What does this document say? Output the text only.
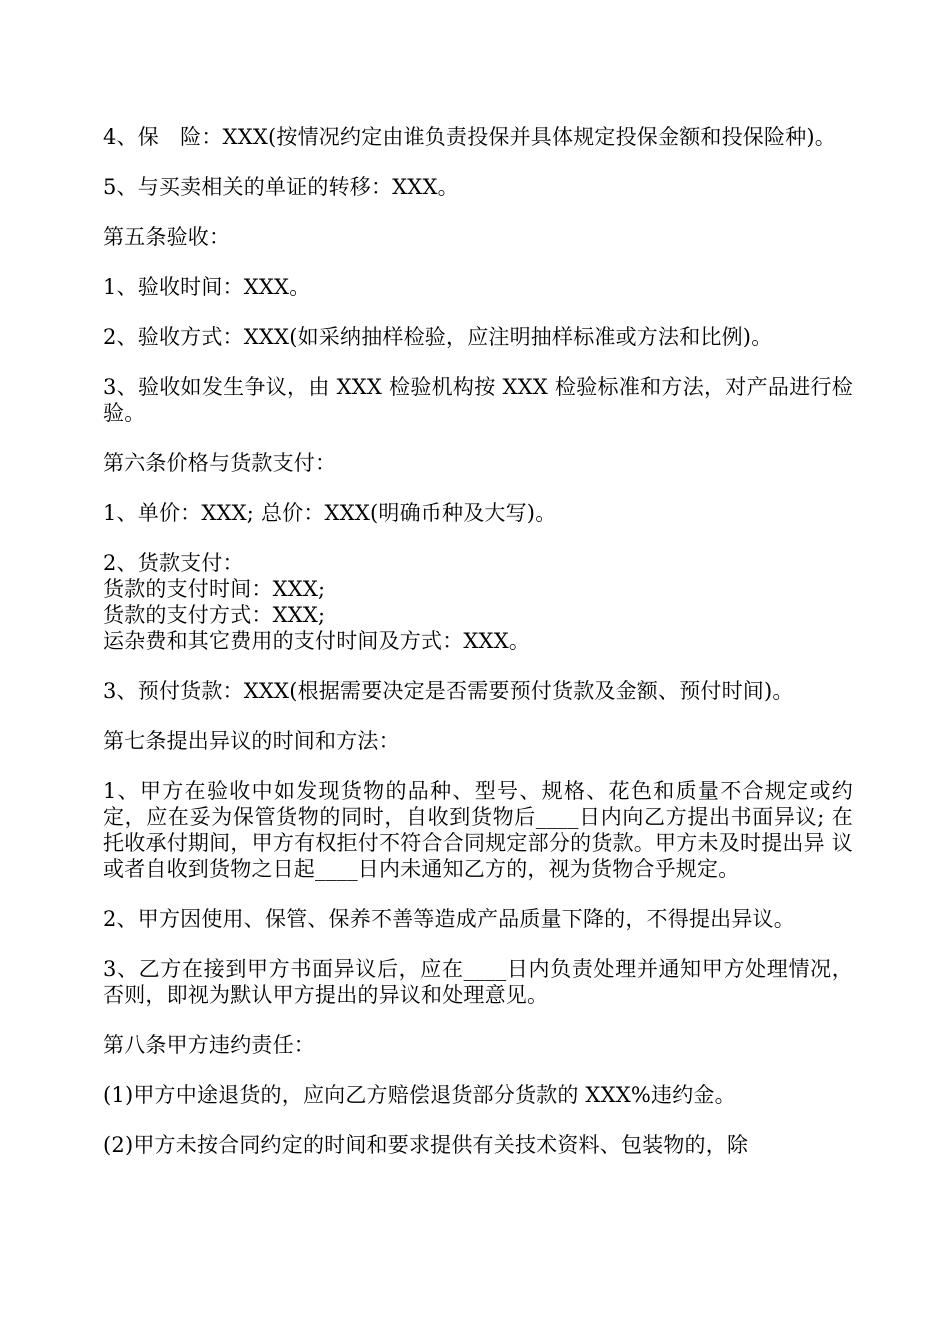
4、保　险：XXX(按情况约定由谁负责投保并具体规定投保金额和投保险种)。

5、与买卖相关的单证的转移：XXX。

第五条验收：

1、验收时间：XXX。

2、验收方式：XXX(如采纳抽样检验，应注明抽样标准或方法和比例)。

3、验收如发生争议，由 XXX 检验机构按 XXX 检验标准和方法，对产品进行检验。

第六条价格与货款支付：

1、单价：XXX; 总价：XXX(明确币种及大写)。

2、货款支付：
货款的支付时间：XXX;
货款的支付方式：XXX;
运杂费和其它费用的支付时间及方式：XXX。

3、预付货款：XXX(根据需要决定是否需要预付货款及金额、预付时间)。

第七条提出异议的时间和方法：

1、甲方在验收中如发现货物的品种、型号、规格、花色和质量不合规定或约定，应在妥为保管货物的同时，自收到货物后____日内向乙方提出书面异议; 在托收承付期间，甲方有权拒付不符合合同规定部分的货款。甲方未及时提出异 议或者自收到货物之日起____日内未通知乙方的，视为货物合乎规定。

2、甲方因使用、保管、保养不善等造成产品质量下降的，不得提出异议。

3、乙方在接到甲方书面异议后，应在____日内负责处理并通知甲方处理情况，否则，即视为默认甲方提出的异议和处理意见。

第八条甲方违约责任：

(1)甲方中途退货的，应向乙方赔偿退货部分货款的 XXX%违约金。

(2)甲方未按合同约定的时间和要求提供有关技术资料、包装物的，除
